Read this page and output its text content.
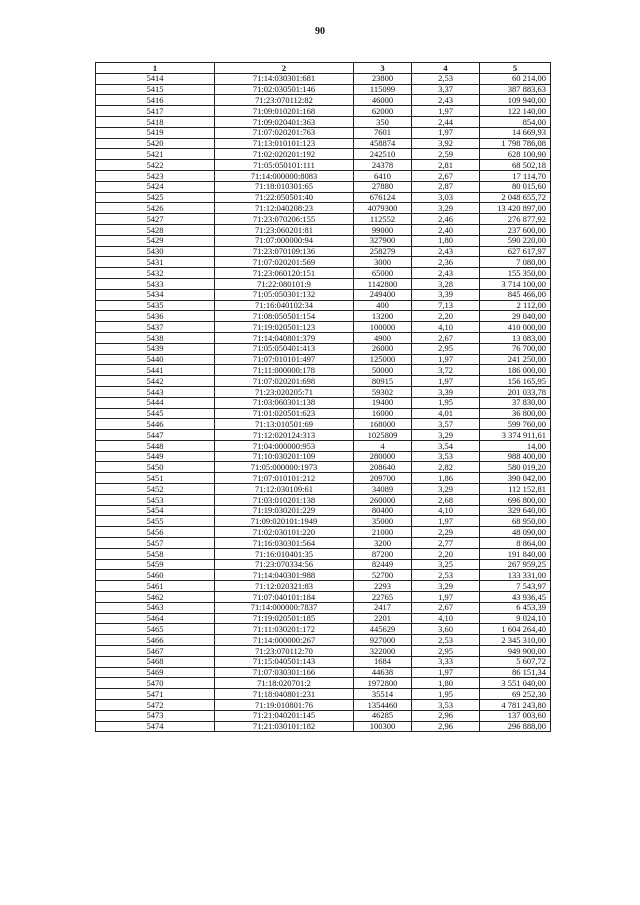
90
1	2	3	4	5
5414	71:14:030301:681	23800	2,53	60 214,00
5415	71:02:030501:146	115099	3,37	387 883,63
5416	71:23:070112:82	46000	2,43	109 940,00
5417	71:09:010201:168	62000	1,97	122 140,00
5418	71:09:020401:363	350	2,44	854,00
5419	71:07:020201:763	7601	1,97	14 669,93
5420	71:13:010101:123	458874	3,92	1 798 786,08
5421	71:02:020201:192	242510	2,59	628 100,90
5422	71:05:050101:111	24378	2,81	68 502,18
5423	71:14:000000:8083	6410	2,67	17 114,70
5424	71:18:010301:65	27880	2,87	80 015,60
5425	71:22:050501:40	676124	3,03	2 048 655,72
5426	71:12:040208:23	4079300	3,29	13 420 897,00
5427	71:23:070206:155	112552	2,46	276 877,92
5428	71:23:060201:81	99000	2,40	237 600,00
5429	71:07:000000:94	327900	1,80	590 220,00
5430	71:23:070109:136	258279	2,43	627 617,97
5431	71:07:020201:569	3000	2,36	7 080,00
5432	71:23:060120:151	65000	2,43	155 350,00
5433	71:22:080101:9	1142800	3,28	3 714 100,00
5434	71:05:050301:132	249400	3,39	845 466,00
5435	71:16:040102:34	400	7,13	2 112,00
5436	71:08:050501:154	13200	2,20	29 040,00
5437	71:19:020501:123	100000	4,10	410 000,00
5438	71:14:040801:379	4900	2,67	13 083,00
5439	71:05:050401:413	26000	2,95	76 700,00
5440	71:07:010101:497	125000	1,97	241 250,00
5441	71:11:000000:178	50000	3,72	186 000,00
5442	71:07:020201:698	80915	1,97	156 165,95
5443	71:23:020205:71	59302	3,39	201 033,78
5444	71:03:060301:138	19400	1,95	37 830,00
5445	71:01:020501:623	16000	4,01	36 800,00
5446	71:13:010501:69	168000	3,57	599 760,00
5447	71:12:020124:313	1025809	3,29	3 374 911,61
5448	71:04:000000:953	4	3,54	14,00
5449	71:10:030201:109	280000	3,53	988 400,00
5450	71:05:000000:1973	208640	2,82	580 019,20
5451	71:07:010101:212	209700	1,86	390 042,00
5452	71:12:030109:61	34089	3,29	112 152,81
5453	71:03:010201:138	260000	2,68	696 800,00
5454	71:19:030201:229	80400	4,10	329 640,00
5455	71:09:020101:1949	35000	1,97	68 950,00
5456	71:02:030101:220	21000	2,29	48 090,00
5457	71:16:030301:564	3200	2,77	8 864,00
5458	71:16:010401:35	87200	2,20	191 840,00
5459	71:23:070334:56	82449	3,25	267 959,25
5460	71:14:040301:988	52700	2,53	133 331,00
5461	71:12:020321:83	2293	3,29	7 543,97
5462	71:07:040101:184	22765	1,97	43 936,45
5463	71:14:000000:7837	2417	2,67	6 453,39
5464	71:19:020501:185	2201	4,10	9 024,10
5465	71:11:030201:172	445629	3,60	1 604 264,40
5466	71:14:000000:267	927000	2,53	2 345 310,00
5467	71:23:070112:70	322000	2,95	949 900,00
5468	71:15:040501:143	1684	3,33	5 607,72
5469	71:07:030301:166	44638	1,97	86 151,34
5470	71:18:020701:2	1972800	1,80	3 551 040,00
5471	71:18:040801:231	35514	1,95	69 252,30
5472	71:19:010801:76	1354460	3,53	4 781 243,80
5473	71:21:040201:145	46285	2,96	137 003,60
5474	71:21:030101:182	100300	2,96	296 888,00
